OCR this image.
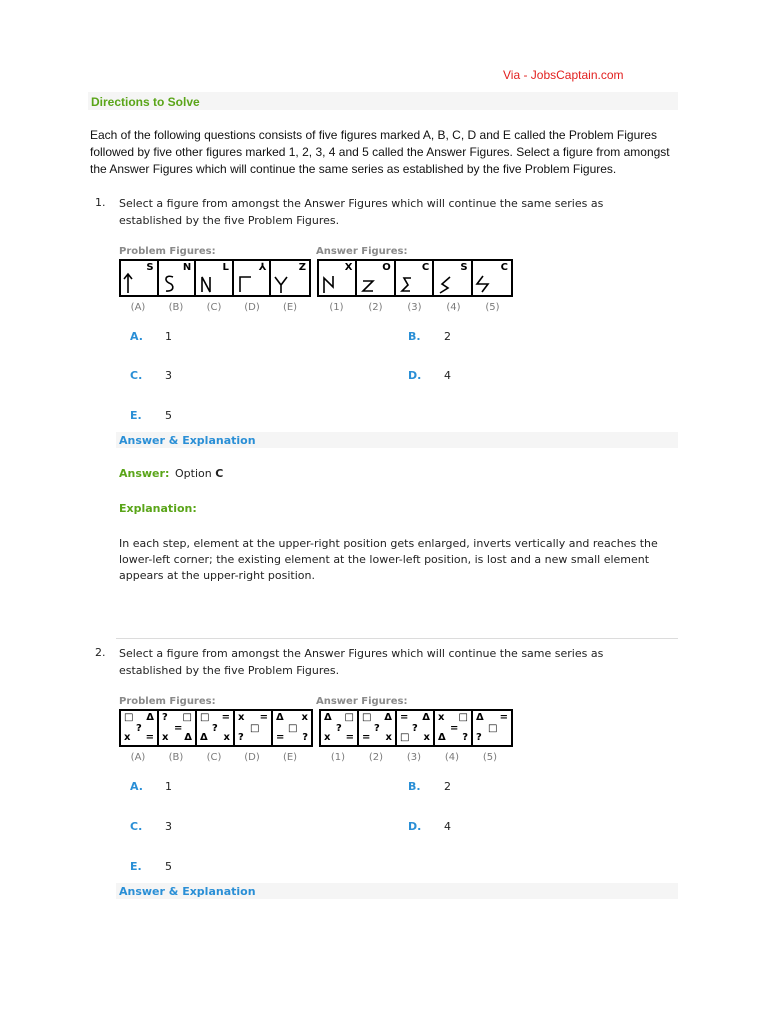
Via - JobsCaptain.com
Directions to Solve
Each of the following questions consists of five figures marked A, B, C, D and E called the Problem Figures followed by five other figures marked 1, 2, 3, 4 and 5 called the Answer Figures. Select a figure from amongst the Answer Figures which will continue the same series as established by the five Problem Figures.
1. Select a figure from amongst the Answer Figures which will continue the same series as established by the five Problem Figures.
Problem Figures:	Answer Figures:
S	N	L	⅄	Z	X	O	C	S	C
(A)	(B)	(C)	(D)	(E)	(1)	(2)	(3)	(4)	(5)
A. 1	B. 2
C. 3	D. 4
E. 5
Answer & Explanation
Answer: Option C
Explanation:
In each step, element at the upper-right position gets enlarged, inverts vertically and reaches the lower-left corner; the existing element at the lower-left position, is lost and a new small element appears at the upper-right position.
2. Select a figure from amongst the Answer Figures which will continue the same series as established by the five Problem Figures.
Problem Figures:	Answer Figures:
□ Δ
?
x =
? □
=
x Δ
□ =
?
Δ x
x =
□
?
Δ x
□
= ?
Δ □
?
x =
□ Δ
?
= x
= Δ
?
□ x
x □
=
Δ ?
Δ =
□
?
(A)	(B)	(C)	(D)	(E)	(1)	(2)	(3)	(4)	(5)
A. 1	B. 2
C. 3	D. 4
E. 5
Answer & Explanation
